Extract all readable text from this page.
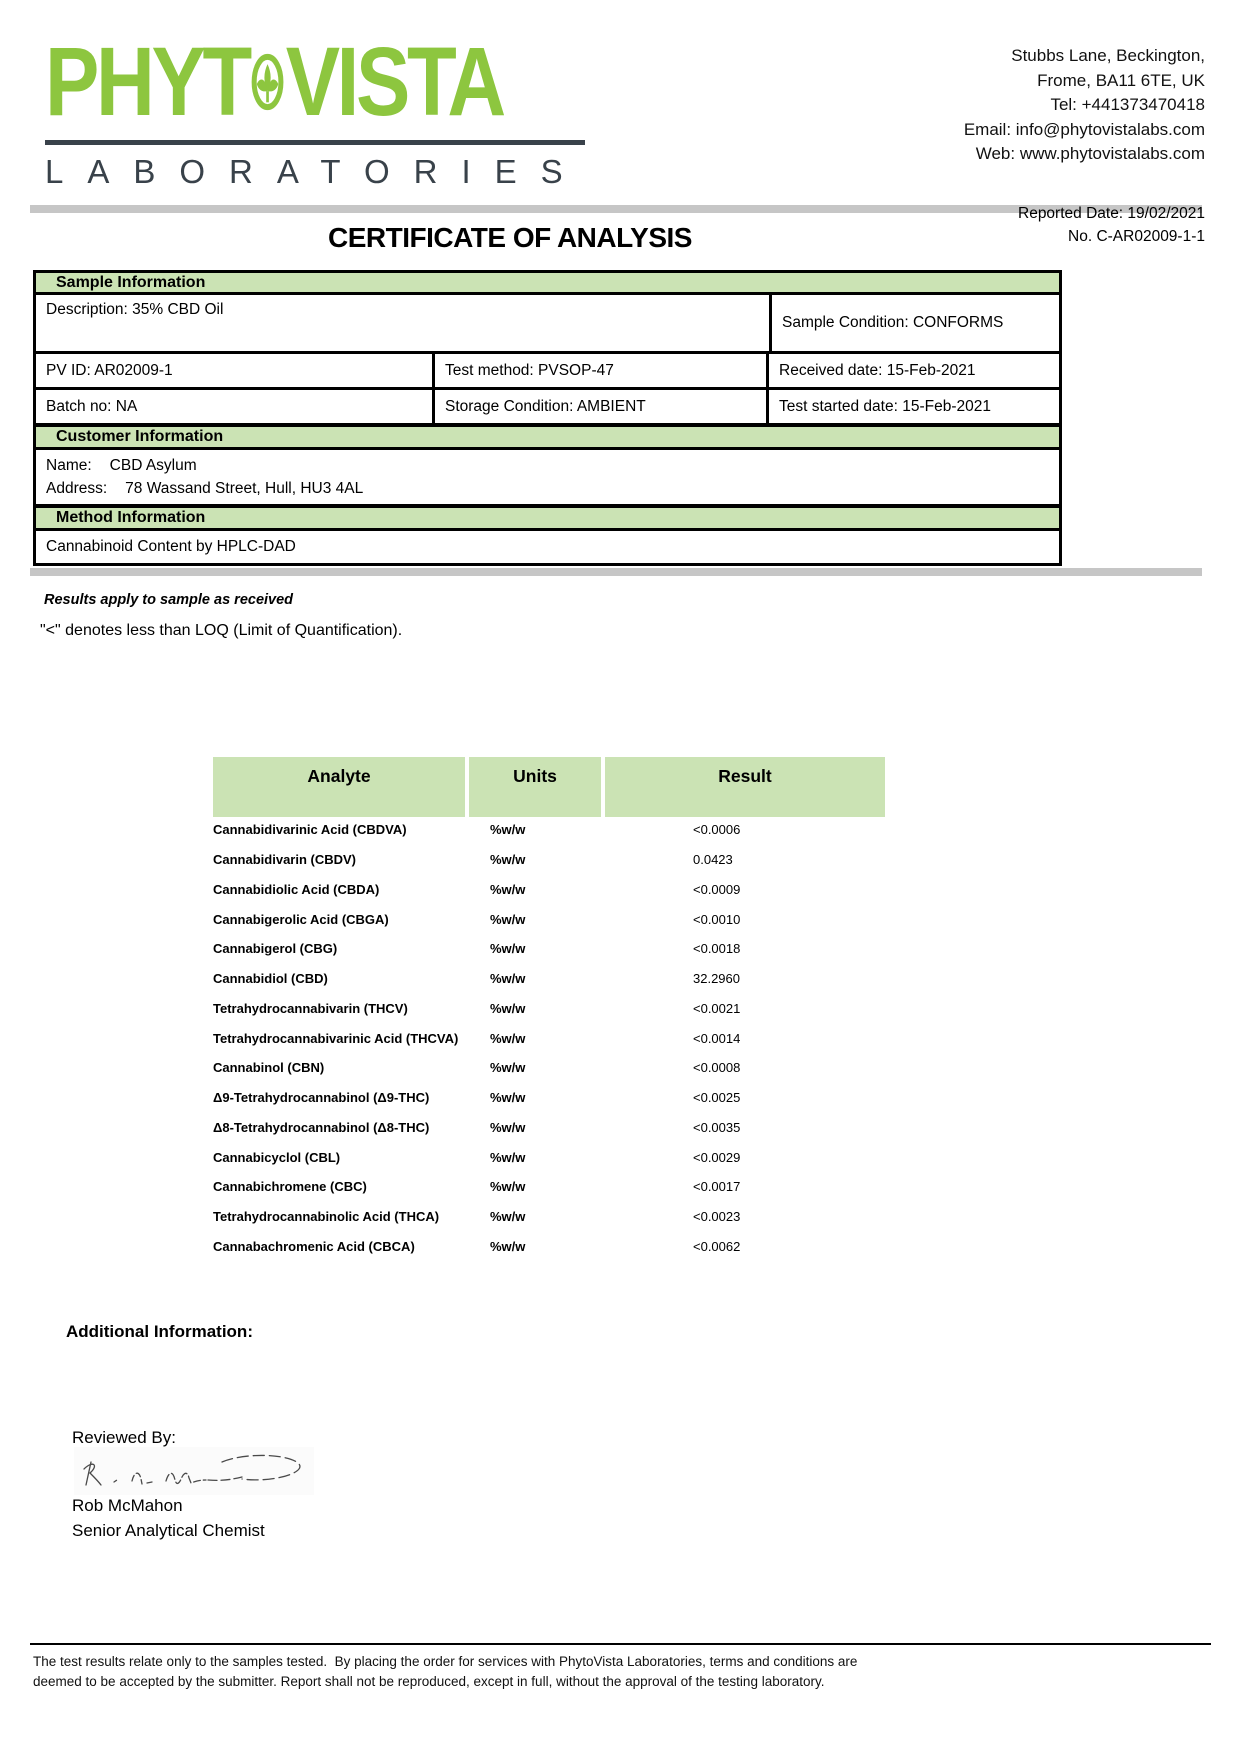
PHYT VISTA
LABORATORIES
Stubbs Lane, Beckington,
Frome, BA11 6TE, UK
Tel: +441373470418
Email: info@phytovistalabs.com
Web: www.phytovistalabs.com
CERTIFICATE OF ANALYSIS
Reported Date: 19/02/2021
No. C-AR02009-1-1
Sample Information
Description: 35% CBD Oil
Sample Condition: CONFORMS
PV ID: AR02009-1	Test method: PVSOP-47	Received date: 15-Feb-2021
Batch no: NA	Storage Condition: AMBIENT	Test started date: 15-Feb-2021
Customer Information
Name: CBD Asylum
Address: 78 Wassand Street, Hull, HU3 4AL
Method Information
Cannabinoid Content by HPLC-DAD
Results apply to sample as received
"<" denotes less than LOQ (Limit of Quantification).
Analyte	Units	Result
Cannabidivarinic Acid (CBDVA)	%w/w	<0.0006
Cannabidivarin (CBDV)	%w/w	0.0423
Cannabidiolic Acid (CBDA)	%w/w	<0.0009
Cannabigerolic Acid (CBGA)	%w/w	<0.0010
Cannabigerol (CBG)	%w/w	<0.0018
Cannabidiol (CBD)	%w/w	32.2960
Tetrahydrocannabivarin (THCV)	%w/w	<0.0021
Tetrahydrocannabivarinic Acid (THCVA)	%w/w	<0.0014
Cannabinol (CBN)	%w/w	<0.0008
Δ9-Tetrahydrocannabinol (Δ9-THC)	%w/w	<0.0025
Δ8-Tetrahydrocannabinol (Δ8-THC)	%w/w	<0.0035
Cannabicyclol (CBL)	%w/w	<0.0029
Cannabichromene (CBC)	%w/w	<0.0017
Tetrahydrocannabinolic Acid (THCA)	%w/w	<0.0023
Cannabachromenic Acid (CBCA)	%w/w	<0.0062
Additional Information:
Reviewed By:
Rob McMahon
Senior Analytical Chemist
The test results relate only to the samples tested.  By placing the order for services with PhytoVista Laboratories, terms and conditions are
deemed to be accepted by the submitter. Report shall not be reproduced, except in full, without the approval of the testing laboratory.
